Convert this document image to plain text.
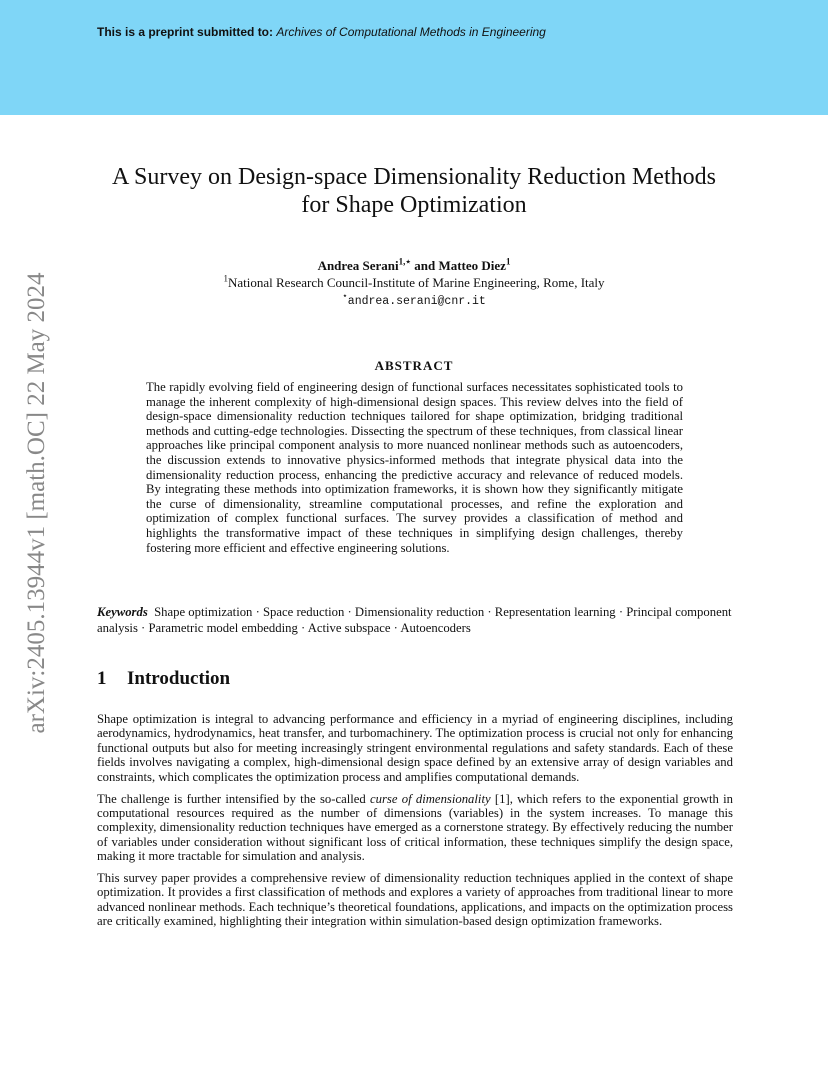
This is a preprint submitted to: Archives of Computational Methods in Engineering
arXiv:2405.13944v1 [math.OC] 22 May 2024
A Survey on Design-space Dimensionality Reduction Methods
for Shape Optimization
Andrea Serani$^{1,⋆}$ and Matteo Diez$^1$
$^1$National Research Council-Institute of Marine Engineering, Rome, Italy
⋆andrea.serani@cnr.it
ABSTRACT
The rapidly evolving field of engineering design of functional surfaces necessitates sophisticated tools to manage the inherent complexity of high-dimensional design spaces. This review delves into the field of design-space dimensionality reduction techniques tailored for shape optimization, bridging traditional methods and cutting-edge technologies. Dissecting the spectrum of these techniques, from classical linear approaches like principal component analysis to more nuanced nonlinear methods such as autoencoders, the discussion extends to innovative physics-informed methods that integrate physical data into the dimensionality reduction process, enhancing the predictive accuracy and relevance of reduced models. By integrating these methods into optimization frameworks, it is shown how they significantly mitigate the curse of dimensionality, streamline computational processes, and refine the exploration and optimization of complex functional surfaces. The survey provides a classification of method and highlights the transformative impact of these techniques in simplifying design challenges, thereby fostering more efficient and effective engineering solutions.
Keywords Shape optimization · Space reduction · Dimensionality reduction · Representation learning · Principal component analysis · Parametric model embedding · Active subspace · Autoencoders
1 Introduction

Shape optimization is integral to advancing performance and efficiency in a myriad of engineering disciplines, including aerodynamics, hydrodynamics, heat transfer, and turbomachinery. The optimization process is crucial not only for enhancing functional outputs but also for meeting increasingly stringent environmental regulations and safety standards. Each of these fields involves navigating a complex, high-dimensional design space defined by an extensive array of design variables and constraints, which complicates the optimization process and amplifies computational demands.

The challenge is further intensified by the so-called curse of dimensionality [1], which refers to the exponential growth in computational resources required as the number of dimensions (variables) in the system increases. To manage this complexity, dimensionality reduction techniques have emerged as a cornerstone strategy. By effectively reducing the number of variables under consideration without significant loss of critical information, these techniques simplify the design space, making it more tractable for simulation and analysis.

This survey paper provides a comprehensive review of dimensionality reduction techniques applied in the context of shape optimization. It provides a first classification of methods and explores a variety of approaches from traditional linear to more advanced nonlinear methods. Each technique’s theoretical foundations, applications, and impacts on the optimization process are critically examined, highlighting their integration within simulation-based design optimization frameworks.
